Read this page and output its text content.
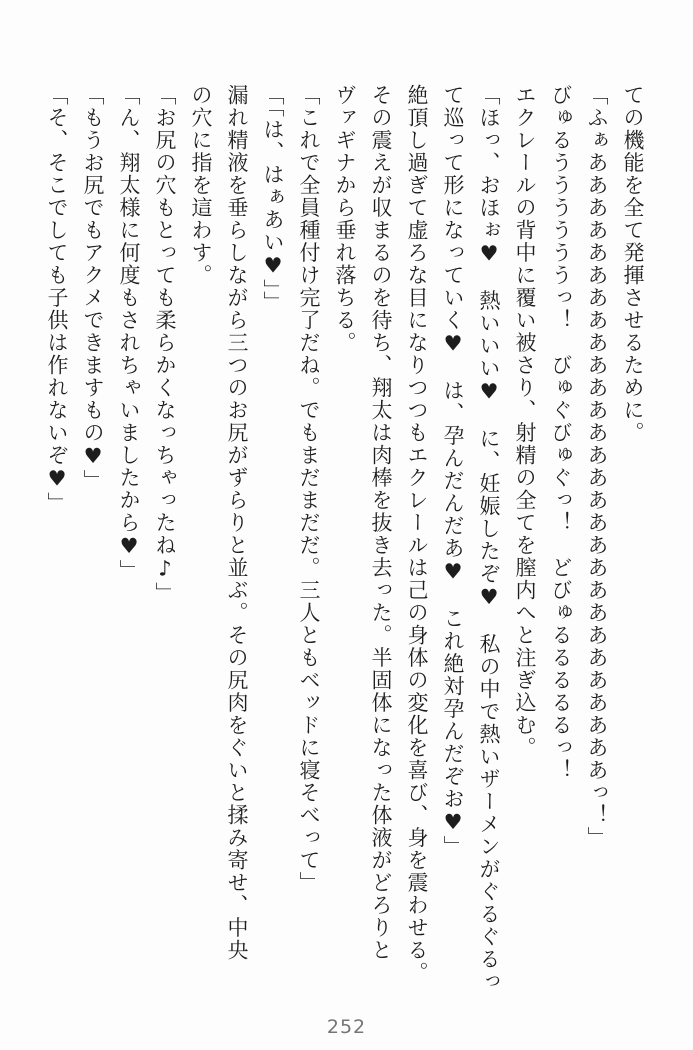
ての機能を全て発揮させるために。

「ふぁああああああああああああああああああああああああああああっ！」

びゅるううううううっ！　びゅぐびゅぐっ！　どびゅるるるるるっ！

エクレールの背中に覆い被さり、射精の全てを膣内へと注ぎ込む。

「ほっ、おほぉ♥　熱いいい♥　に、妊娠したぞ♥　私の中で熱いザーメンがぐるぐるっ

て巡って形になっていく♥　は、孕んだんだあ♥　これ絶対孕んだぞお♥」

絶頂し過ぎて虚ろな目になりつつもエクレールは己の身体の変化を喜び、身を震わせる。

その震えが収まるのを待ち、翔太は肉棒を抜き去った。半固体になった体液がどろりと

ヴァギナから垂れ落ちる。

「これで全員種付け完了だね。でもまだまだだ。三人ともベッドに寝そべって」

「「は、はぁあい♥」」

漏れ精液を垂らしながら三つのお尻がずらりと並ぶ。その尻肉をぐいと揉み寄せ、中央

の穴に指を這わす。

「お尻の穴もとっても柔らかくなっちゃったね♪」

「ん、翔太様に何度もされちゃいましたから♥」

「もうお尻でもアクメできますもの♥」

「そ、そこでしても子供は作れないぞ♥」

252
